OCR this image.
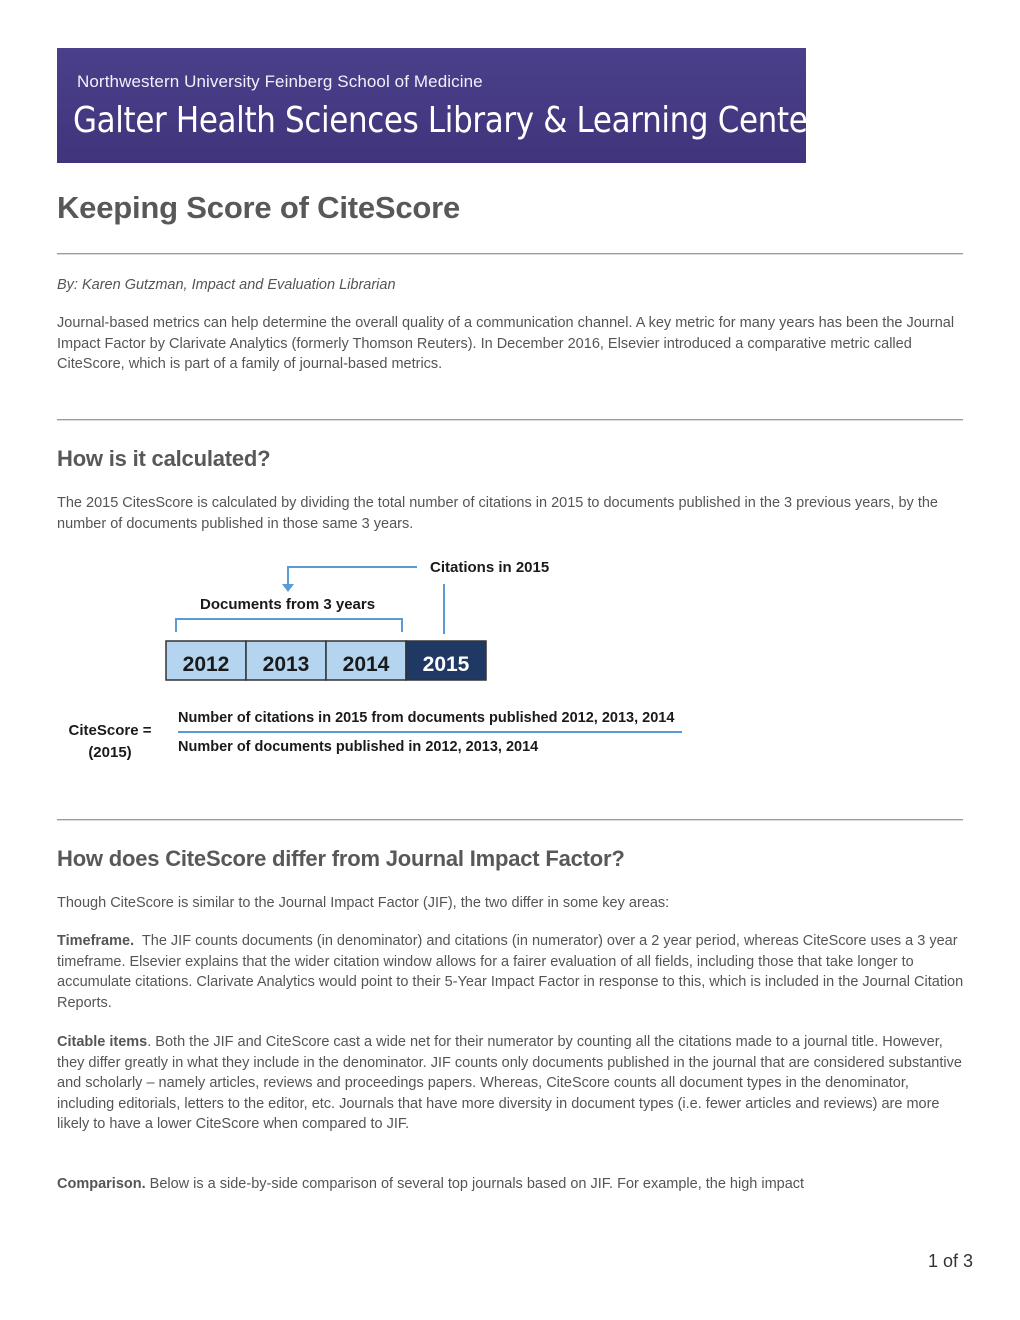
Northwestern University Feinberg School of Medicine
Galter Health Sciences Library & Learning Center
Keeping Score of CiteScore
By: Karen Gutzman, Impact and Evaluation Librarian

Journal-based metrics can help determine the overall quality of a communication channel. A key metric for many years has been the Journal Impact Factor by Clarivate Analytics (formerly Thomson Reuters). In December 2016, Elsevier introduced a comparative metric called CiteScore, which is part of a family of journal-based metrics.

How is it calculated?

The 2015 CitesScore is calculated by dividing the total number of citations in 2015 to documents published in the 3 previous years, by the number of documents published in those same 3 years.

Citations in 2015
Documents from 3 years
2012 2013 2014 2015
CiteScore =
(2015)
Number of citations in 2015 from documents published 2012, 2013, 2014
Number of documents published in 2012, 2013, 2014
How does CiteScore differ from Journal Impact Factor?

Though CiteScore is similar to the Journal Impact Factor (JIF), the two differ in some key areas:

Timeframe.  The JIF counts documents (in denominator) and citations (in numerator) over a 2 year period, whereas CiteScore uses a 3 year timeframe. Elsevier explains that the wider citation window allows for a fairer evaluation of all fields, including those that take longer to accumulate citations. Clarivate Analytics would point to their 5-Year Impact Factor in response to this, which is included in the Journal Citation Reports.

Citable items. Both the JIF and CiteScore cast a wide net for their numerator by counting all the citations made to a journal title. However, they differ greatly in what they include in the denominator. JIF counts only documents published in the journal that are considered substantive and scholarly – namely articles, reviews and proceedings papers. Whereas, CiteScore counts all document types in the denominator, including editorials, letters to the editor, etc. Journals that have more diversity in document types (i.e. fewer articles and reviews) are more likely to have a lower CiteScore when compared to JIF.

Comparison. Below is a side-by-side comparison of several top journals based on JIF. For example, the high impact

1 of 3
